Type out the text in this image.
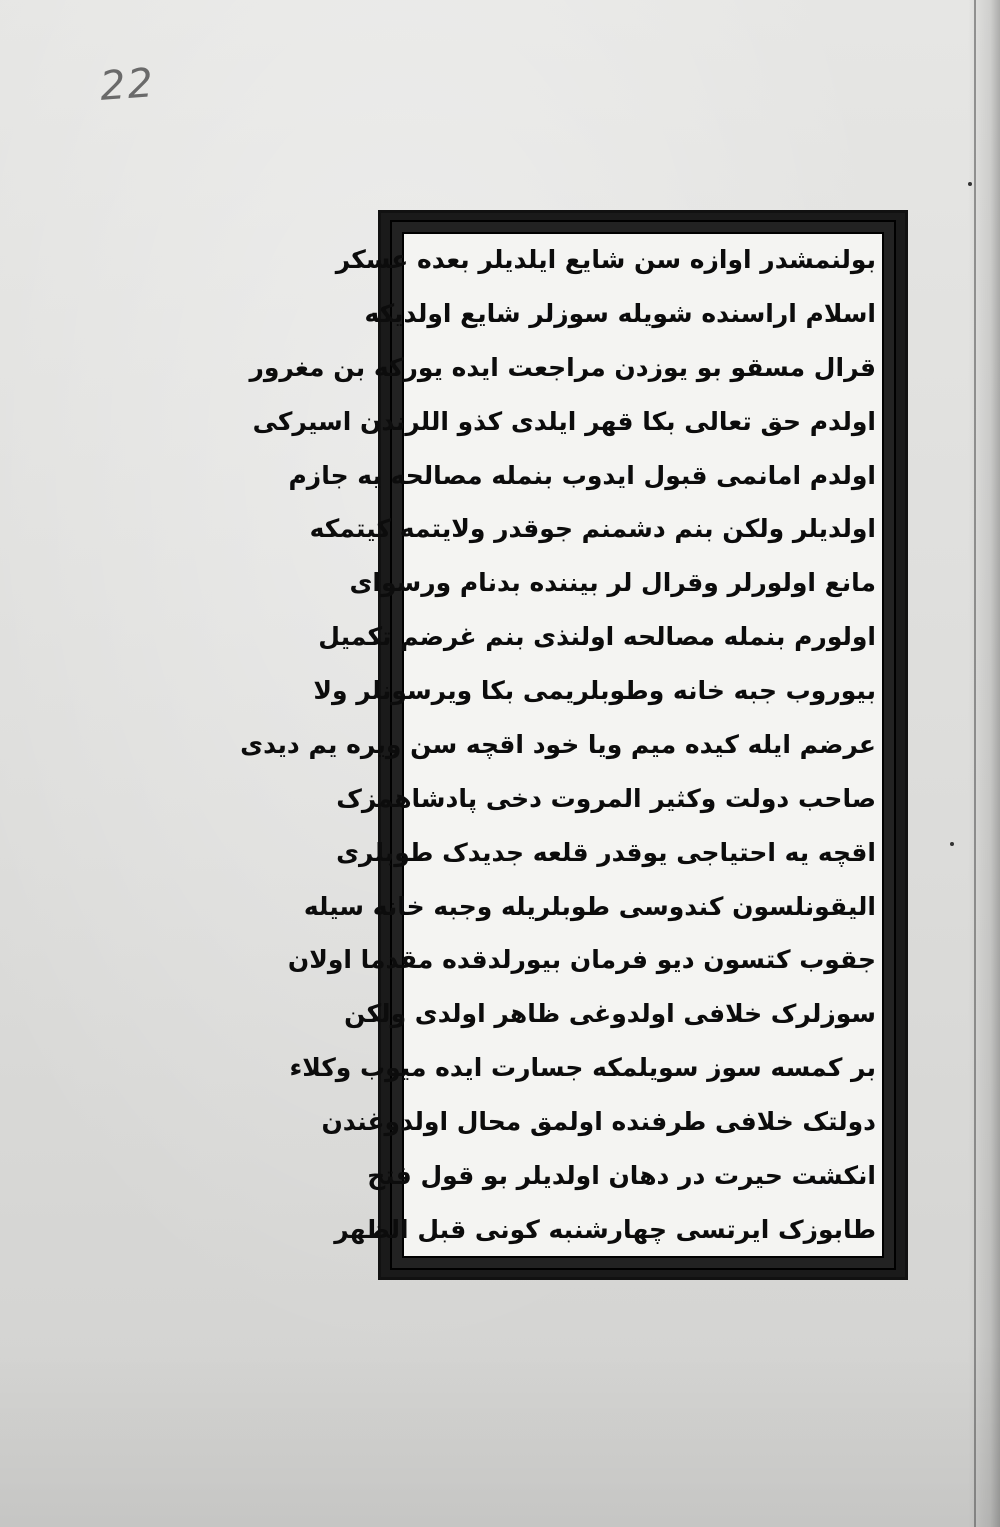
22
بولنمشدر اوازه سن شایع ایلدیلر بعده عسکر
اسلام اراسنده شویله سوزلر شایع اولدیکه
قرال مسقو بو یوزدن مراجعت ایده یورکه بن مغرور
اولدم حق تعالی بکا قهر ایلدی کذو اللرندن اسیرکی
اولدم امانمی قبول ایدوب بنمله مصالحه یه جازم
اولدیلر ولکن بنم دشمنم جوقدر ولایتمه کیتمکه
مانع اولورلر وقرال لر بیننده بدنام ورسوای
اولورم بنمله مصالحه اولنذی بنم غرضم تکمیل
بیوروب جبه خانه وطوبلریمی بکا ویرسونلر ولا
عرضم ایله کیده میم ویا خود اقچه سن ویره یم دیدی
صاحب دولت وکثیر المروت دخی پادشاهمزک
اقچه یه احتیاجی یوقدر قلعه جدیدک طوبلری
الیقونلسون کندوسی طوبلریله وجبه خانه سیله
جقوب کتسون دیو فرمان بیورلدقده مقدما اولان
سوزلرک خلافی اولدوغی ظاهر اولدی ولکن
بر کمسه سوز سویلمکه جسارت ایده میوب وکلاء
دولتک خلافی طرفنده اولمق محال اولدوغندن
انکشت حیرت در دهان اولدیلر بو قول فتح
طابوزک ایرتسی چهارشنبه کونی قبل الظهر
